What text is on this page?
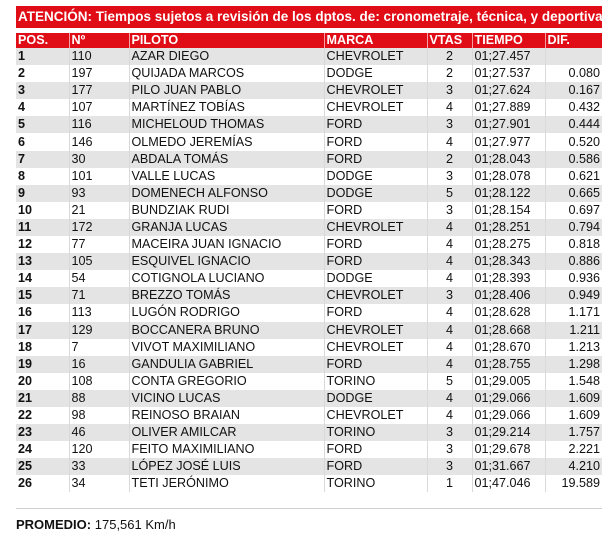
ATENCIÓN: Tiempos sujetos a revisión de los dptos. de: cronometraje, técnica, y deportiva
POS.	Nº	PILOTO	MARCA	VTAS	TIEMPO	DIF.
1	110	AZAR DIEGO	CHEVROLET	2	01;27.457	
2	197	QUIJADA MARCOS	DODGE	2	01;27.537	0.080
3	177	PILO JUAN PABLO	CHEVROLET	3	01;27.624	0.167
4	107	MARTÍNEZ TOBÍAS	CHEVROLET	4	01;27.889	0.432
5	116	MICHELOUD THOMAS	FORD	3	01;27.901	0.444
6	146	OLMEDO JEREMÍAS	FORD	4	01;27.977	0.520
7	30	ABDALA TOMÁS	FORD	2	01;28.043	0.586
8	101	VALLE LUCAS	DODGE	3	01;28.078	0.621
9	93	DOMENECH ALFONSO	DODGE	5	01;28.122	0.665
10	21	BUNDZIAK RUDI	FORD	3	01;28.154	0.697
11	172	GRANJA LUCAS	CHEVROLET	4	01;28.251	0.794
12	77	MACEIRA JUAN IGNACIO	FORD	4	01;28.275	0.818
13	105	ESQUIVEL IGNACIO	FORD	4	01;28.343	0.886
14	54	COTIGNOLA LUCIANO	DODGE	4	01;28.393	0.936
15	71	BREZZO TOMÁS	CHEVROLET	3	01;28.406	0.949
16	113	LUGÓN RODRIGO	FORD	4	01;28.628	1.171
17	129	BOCCANERA BRUNO	CHEVROLET	4	01;28.668	1.211
18	7	VIVOT MAXIMILIANO	CHEVROLET	4	01;28.670	1.213
19	16	GANDULIA GABRIEL	FORD	4	01;28.755	1.298
20	108	CONTA GREGORIO	TORINO	5	01;29.005	1.548
21	88	VICINO LUCAS	DODGE	4	01;29.066	1.609
22	98	REINOSO BRAIAN	CHEVROLET	4	01;29.066	1.609
23	46	OLIVER AMILCAR	TORINO	3	01;29.214	1.757
24	120	FEITO MAXIMILIANO	FORD	3	01;29.678	2.221
25	33	LÓPEZ JOSÉ LUIS	FORD	3	01;31.667	4.210
26	34	TETI JERÓNIMO	TORINO	1	01;47.046	19.589
PROMEDIO: 175,561 Km/h
